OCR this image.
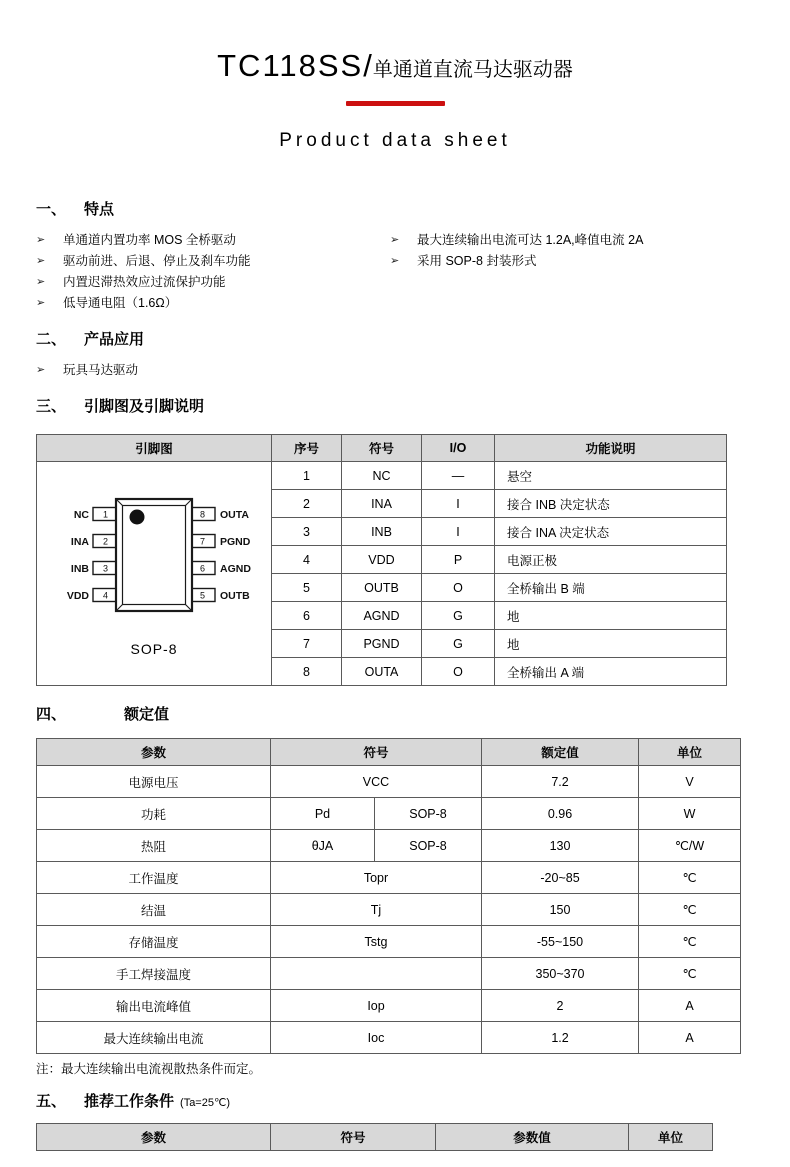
TC118SS/单通道直流马达驱动器
Product data sheet
一、 特点
➢ 单通道内置功率 MOS 全桥驱动
➢ 驱动前进、后退、停止及刹车功能
➢ 内置迟滞热效应过流保护功能
➢ 低导通电阻（1.6Ω）
➢ 最大连续输出电流可达 1.2A,峰值电流 2A
➢ 采用 SOP-8 封装形式
二、 产品应用
➢ 玩具马达驱动
三、 引脚图及引脚说明
引脚图	序号	符号	I/O	功能说明

1
2
3
4
8
7
6
5
NC
INA
INB
VDD
OUTA
PGND
AGND
OUTB
SOP-8
	1	NC	—	悬空
	2	INA	I	接合 INB 决定状态
	3	INB	I	接合 INA 决定状态
	4	VDD	P	电源正极
	5	OUTB	O	全桥输出 B 端
	6	AGND	G	地
	7	PGND	G	地
	8	OUTA	O	全桥输出 A 端
四、	额定值
参数	符号		额定值	单位
电源电压	VCC		7.2	V
功耗	Pd	SOP-8	0.96	W
热阻	θJA	SOP-8	130	℃/W
工作温度	Topr		-20~85	℃
结温	Tj		150	℃
存储温度	Tstg		-55~150	℃
手工焊接温度			350~370	℃
输出电流峰值	Iop		2	A
最大连续输出电流	Ioc		1.2	A
注：最大连续输出电流视散热条件而定。
五、 推荐工作条件 (Ta=25℃)
参数	符号	参数值	单位
